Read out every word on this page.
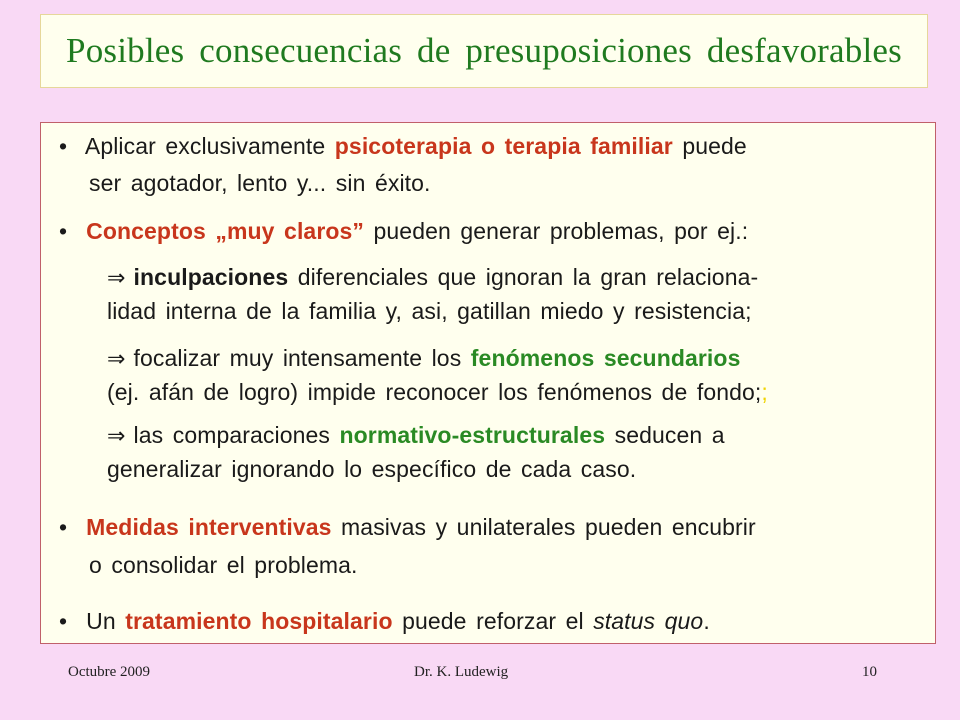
Posibles consecuencias de presuposiciones desfavorables
• Aplicar exclusivamente psicoterapia o terapia familiar puede
ser agotador, lento y... sin éxito.
• Conceptos „muy claros” pueden generar problemas, por ej.:
⇒ inculpaciones diferenciales que ignoran la gran relaciona-
lidad interna de la familia y, asi, gatillan miedo y resistencia;
⇒ focalizar muy intensamente los fenómenos secundarios
(ej. afán de logro) impide reconocer los fenómenos de fondo;;
⇒ las comparaciones normativo-estructurales seducen a
generalizar ignorando lo específico de cada caso.
• Medidas interventivas masivas y unilaterales pueden encubrir
o consolidar el problema.
• Un tratamiento hospitalario puede reforzar el status quo.
Octubre 2009	Dr. K. Ludewig	10
